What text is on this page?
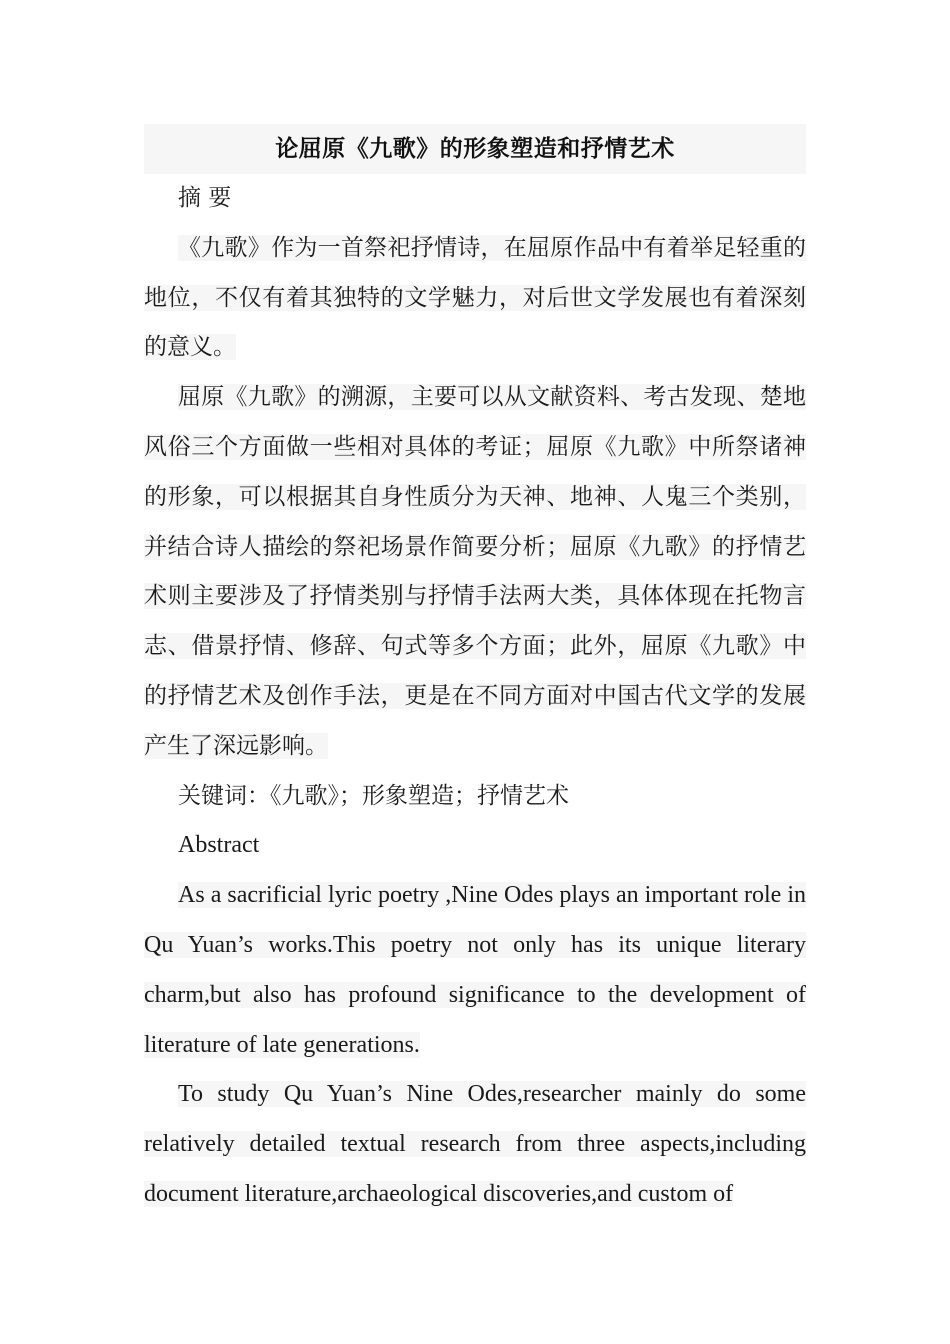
论屈原《九歌》的形象塑造和抒情艺术

摘 要

《九歌》作为一首祭祀抒情诗，在屈原作品中有着举足轻重的地位，不仅有着其独特的文学魅力，对后世文学发展也有着深刻的意义。

屈原《九歌》的溯源，主要可以从文献资料、考古发现、楚地风俗三个方面做一些相对具体的考证；屈原《九歌》中所祭诸神的形象，可以根据其自身性质分为天神、地神、人鬼三个类别，并结合诗人描绘的祭祀场景作简要分析；屈原《九歌》的抒情艺术则主要涉及了抒情类别与抒情手法两大类，具体体现在托物言志、借景抒情、修辞、句式等多个方面；此外，屈原《九歌》中的抒情艺术及创作手法，更是在不同方面对中国古代文学的发展产生了深远影响。

关键词：《九歌》；形象塑造；抒情艺术

Abstract

As a sacrificial lyric poetry ,Nine Odes plays an important role in Qu Yuan’s works.This poetry not only has its unique literary charm,but also has profound significance to the development of literature of late generations.

To study Qu Yuan’s Nine Odes,researcher mainly do some relatively detailed textual research from three aspects,including document literature,archaeological discoveries,and custom of
